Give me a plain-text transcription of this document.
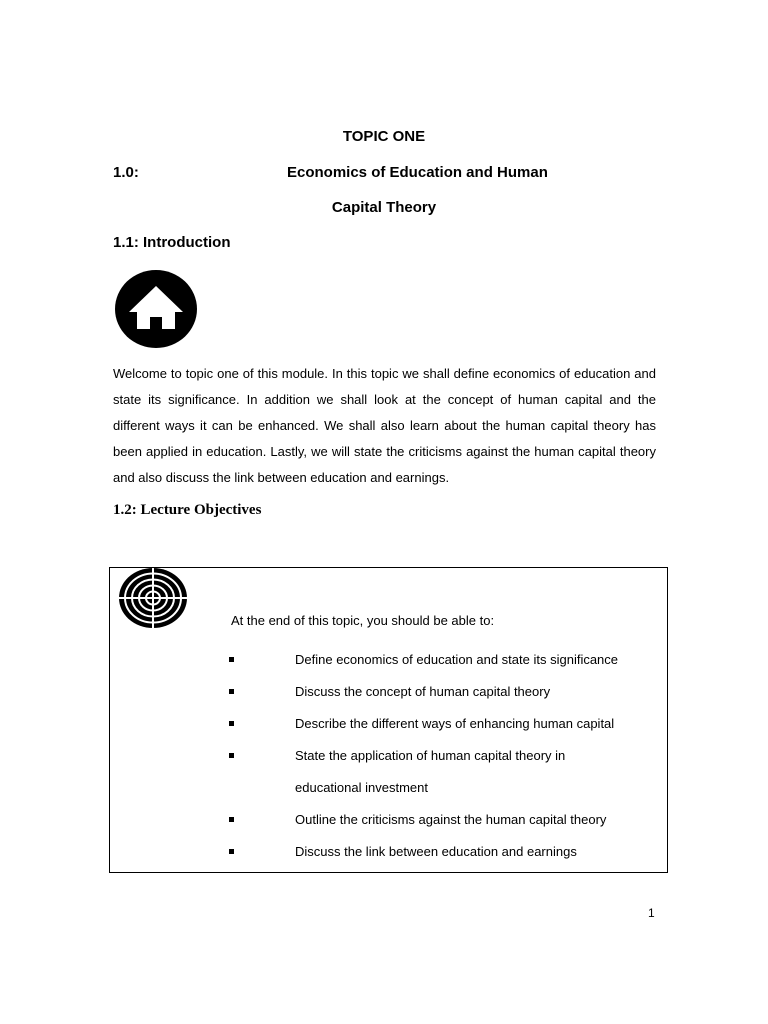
TOPIC ONE
1.0:	Economics of Education and Human
Capital Theory
1.1: Introduction
Welcome to topic one of this module. In this topic we shall define economics of education and state its significance. In addition we shall look at the concept of human capital and the different ways it can be enhanced. We shall also learn about the human capital theory has been applied in education. Lastly, we will state the criticisms against the human capital theory and also discuss the link between education and earnings.
1.2: Lecture Objectives
At the end of this topic, you should be able to:
Define economics of education and state its significance
Discuss the concept of human capital theory
Describe the different ways of enhancing human capital
State the application of human capital theory in
educational investment
Outline the criticisms against the human capital theory
Discuss the link between education and earnings
1
